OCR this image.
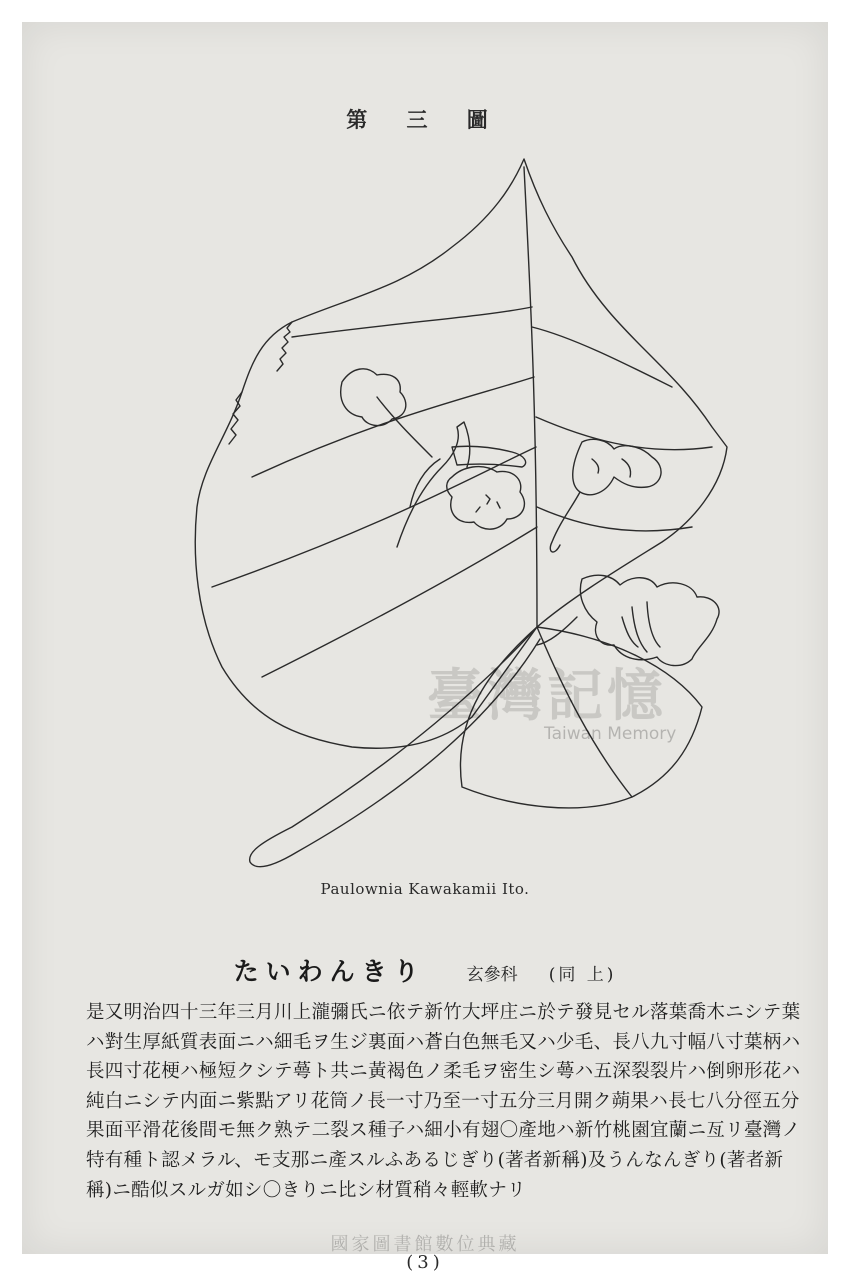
第 三 圖
臺灣記憶
Taiwan Memory
Paulownia Kawakamii Ito.
たいわんきり 玄參科 (同 上)
是又明治四十三年三月川上瀧彌氏ニ依テ新竹大坪庄ニ於テ發見セル落葉喬木ニシテ葉
ハ對生厚紙質表面ニハ細毛ヲ生ジ裏面ハ蒼白色無毛又ハ少毛、長八九寸幅八寸葉柄ハ
長四寸花梗ハ極短クシテ蕚ト共ニ黃褐色ノ柔毛ヲ密生シ蕚ハ五深裂裂片ハ倒卵形花ハ
純白ニシテ内面ニ紫點アリ花筒ノ長一寸乃至一寸五分三月開ク蒴果ハ長七八分徑五分
果面平滑花後間モ無ク熟テ二裂ス種子ハ細小有翅〇產地ハ新竹桃園宜蘭ニ亙リ臺灣ノ
特有種ト認メラル、モ支那ニ產スルふあるじぎり(著者新稱)及うんなんぎり(著者新
稱)ニ酷似スルガ如シ〇きりニ比シ材質稍々輕軟ナリ
國家圖書館數位典藏
(3)
